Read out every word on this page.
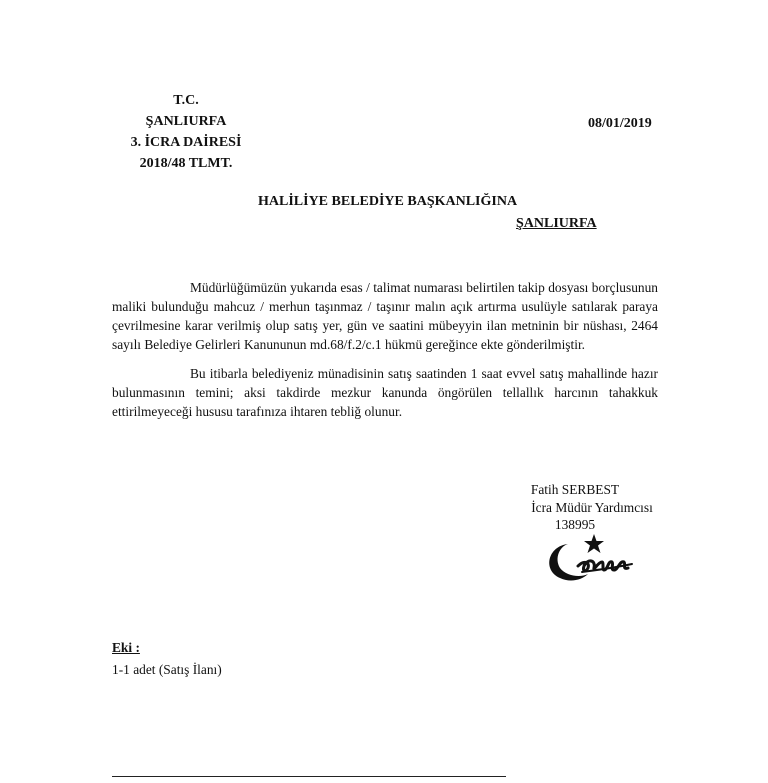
T.C.
ŞANLIURFA
3. İCRA DAİRESİ
2018/48 TLMT.
08/01/2019
HALİLİYE BELEDİYE BAŞKANLIĞINA
ŞANLIURFA

Müdürlüğümüzün yukarıda esas / talimat numarası belirtilen takip dosyası borçlusunun maliki bulunduğu mahcuz / merhun taşınmaz / taşınır malın açık artırma usulüyle satılarak paraya çevrilmesine karar verilmiş olup satış yer, gün ve saatini mübeyyin ilan metninin bir nüshası, 2464 sayılı Belediye Gelirleri Kanununun md.68/f.2/c.1 hükmü gereğince ekte gönderilmiştir.

Bu itibarla belediyeniz münadisinin satış saatinden 1 saat evvel satış mahallinde hazır bulunmasının temini; aksi takdirde mezkur kanunda öngörülen tellallık harcının tahakkuk ettirilmeyeceği hususu tarafınıza ihtaren tebliğ olunur.

Fatih SERBEST
İcra Müdür Yardımcısı
138995
Eki :
1-1 adet (Satış İlanı)
